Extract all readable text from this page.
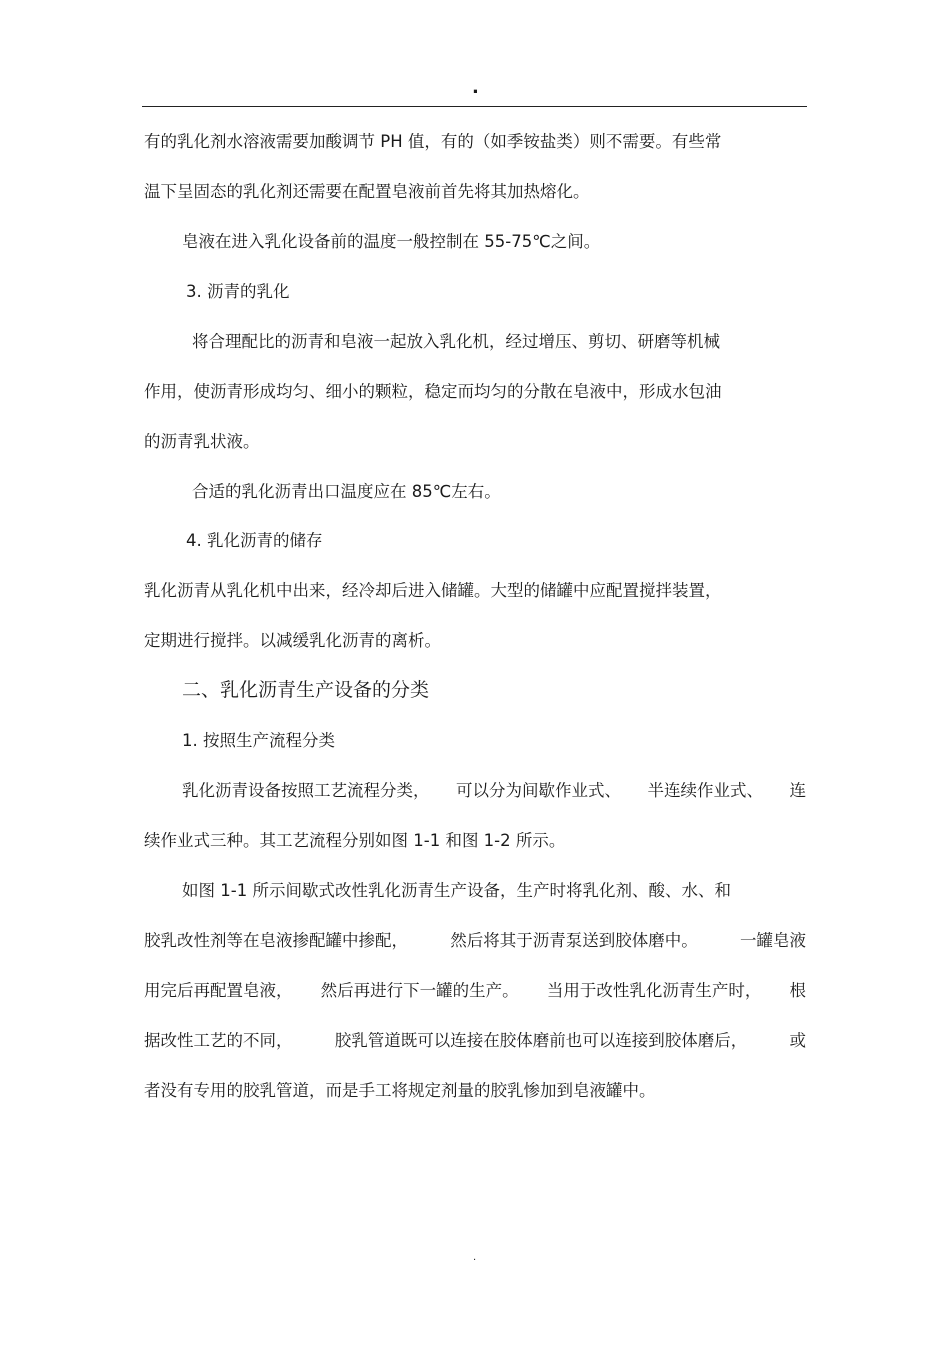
.
有的乳化剂水溶液需要加酸调节 PH 值，有的（如季铵盐类）则不需要。有些常
温下呈固态的乳化剂还需要在配置皂液前首先将其加热熔化。
皂液在进入乳化设备前的温度一般控制在 55-75℃之间。
3. 沥青的乳化
将合理配比的沥青和皂液一起放入乳化机，经过增压、剪切、研磨等机械
作用，使沥青形成均匀、细小的颗粒，稳定而均匀的分散在皂液中，形成水包油
的沥青乳状液。
合适的乳化沥青出口温度应在 85℃左右。
4. 乳化沥青的储存
乳化沥青从乳化机中出来，经冷却后进入储罐。大型的储罐中应配置搅拌装置，
定期进行搅拌。以减缓乳化沥青的离析。
二、乳化沥青生产设备的分类
1. 按照生产流程分类
乳化沥青设备按照工艺流程分类， 可以分为间歇作业式、 半连续作业式、 连
续作业式三种。其工艺流程分别如图 1-1 和图 1-2 所示。
如图 1-1 所示间歇式改性乳化沥青生产设备，生产时将乳化剂、酸、水、和
胶乳改性剂等在皂液掺配罐中掺配，	然后将其于沥青泵送到胶体磨中。	一罐皂液
用完后再配置皂液， 然后再进行下一罐的生产。 当用于改性乳化沥青生产时， 根
据改性工艺的不同，	胶乳管道既可以连接在胶体磨前也可以连接到胶体磨后，	或
者没有专用的胶乳管道，而是手工将规定剂量的胶乳惨加到皂液罐中。
.
